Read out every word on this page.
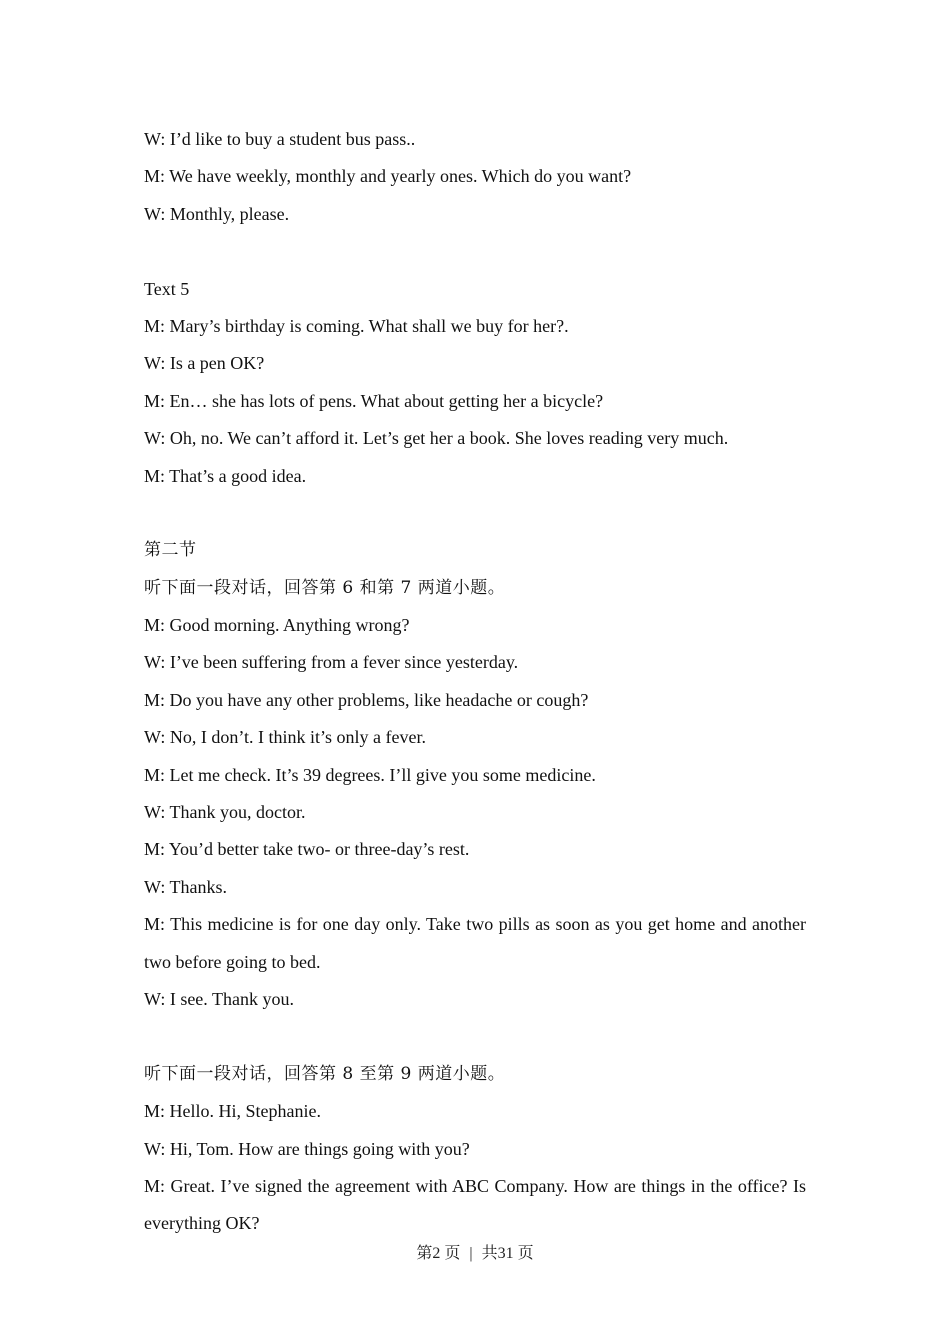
W: I’d like to buy a student bus pass..
M: We have weekly, monthly and yearly ones. Which do you want?
W: Monthly, please.
Text 5
M: Mary’s birthday is coming. What shall we buy for her?.
W: Is a pen OK?
M: En… she has lots of pens. What about getting her a bicycle?
W: Oh, no. We can’t afford it. Let’s get her a book. She loves reading very much.
M: That’s a good idea.
第二节
听下面一段对话，回答第 6 和第 7 两道小题。
M: Good morning. Anything wrong?
W: I’ve been suffering from a fever since yesterday.
M: Do you have any other problems, like headache or cough?
W: No, I don’t. I think it’s only a fever.
M: Let me check. It’s 39 degrees. I’ll give you some medicine.
W: Thank you, doctor.
M: You’d better take two- or three-day’s rest.
W: Thanks.
M: This medicine is for one day only. Take two pills as soon as you get home and another two before going to bed.
W: I see. Thank you.
听下面一段对话，回答第 8 至第 9 两道小题。
M: Hello. Hi, Stephanie.
W: Hi, Tom. How are things going with you?
M: Great. I’ve signed the agreement with ABC Company. How are things in the office? Is everything OK?
第2 页 | 共31 页
